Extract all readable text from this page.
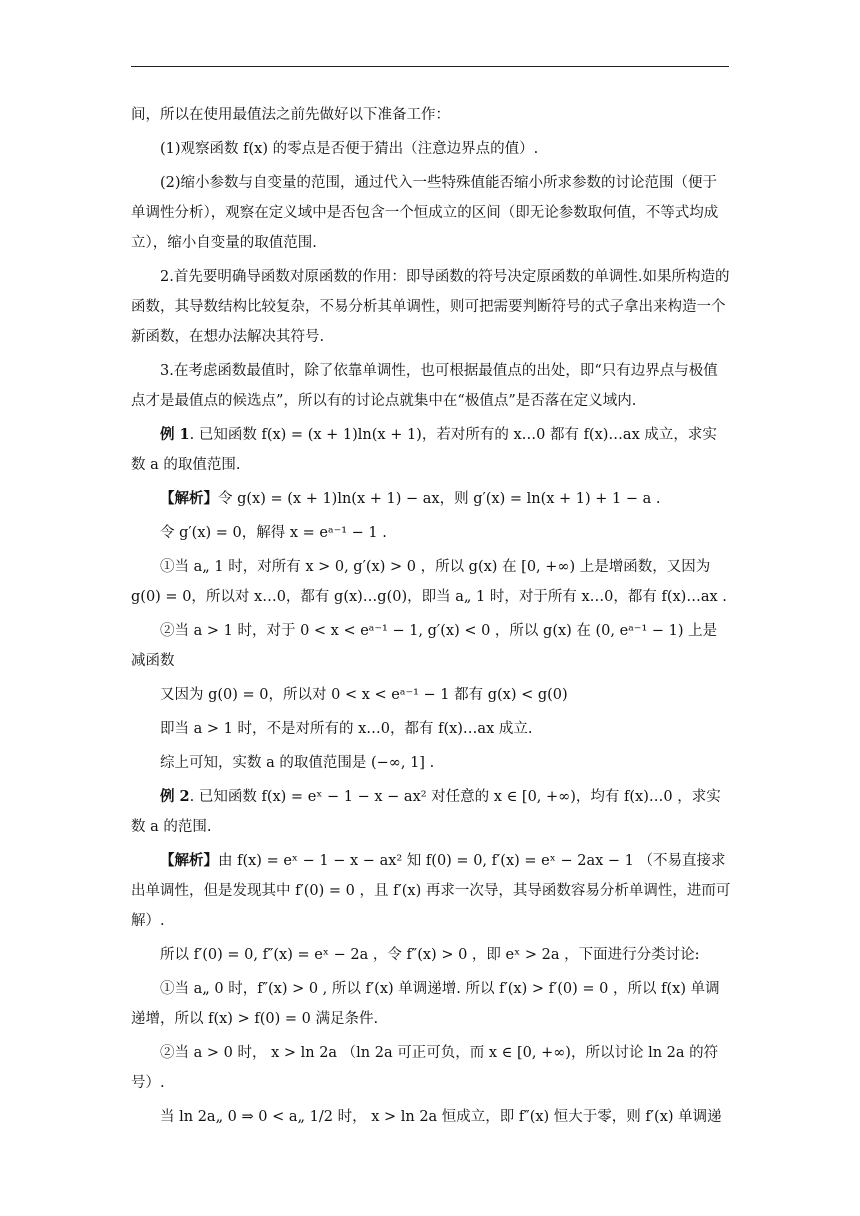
间，所以在使用最值法之前先做好以下准备工作：

(1)观察函数 f(x) 的零点是否便于猜出（注意边界点的值）.

(2)缩小参数与自变量的范围，通过代入一些特殊值能否缩小所求参数的讨论范围（便于单调性分析），观察在定义域中是否包含一个恒成立的区间（即无论参数取何值，不等式均成立），缩小自变量的取值范围.

2.首先要明确导函数对原函数的作用：即导函数的符号决定原函数的单调性.如果所构造的函数，其导数结构比较复杂，不易分析其单调性，则可把需要判断符号的式子拿出来构造一个新函数，在想办法解决其符号.

3.在考虑函数最值时，除了依靠单调性，也可根据最值点的出处，即“只有边界点与极值点才是最值点的候选点”，所以有的讨论点就集中在“极值点”是否落在定义域内.

例 1. 已知函数 f(x) = (x + 1)ln(x + 1)，若对所有的 x…0 都有 f(x)…ax 成立，求实数 a 的取值范围.

【解析】令 g(x) = (x + 1)ln(x + 1) − ax，则 g′(x) = ln(x + 1) + 1 − a .

令 g′(x) = 0，解得 x = eᵃ⁻¹ − 1 .

①当 a„ 1 时，对所有 x > 0, g′(x) > 0 ，所以 g(x) 在 [0, +∞) 上是增函数，又因为 g(0) = 0，所以对 x…0，都有 g(x)…g(0)，即当 a„ 1 时，对于所有 x…0，都有 f(x)…ax .

②当 a > 1 时，对于 0 < x < eᵃ⁻¹ − 1, g′(x) < 0 ，所以 g(x) 在 (0, eᵃ⁻¹ − 1) 上是减函数

又因为 g(0) = 0，所以对 0 < x < eᵃ⁻¹ − 1 都有 g(x) < g(0)

即当 a > 1 时，不是对所有的 x…0，都有 f(x)…ax 成立.

综上可知，实数 a 的取值范围是 (−∞, 1] .

例 2. 已知函数 f(x) = eˣ − 1 − x − ax² 对任意的 x ∈ [0, +∞)，均有 f(x)…0 ，求实数 a 的范围.

【解析】由 f(x) = eˣ − 1 − x − ax² 知 f(0) = 0, f′(x) = eˣ − 2ax − 1 （不易直接求出单调性，但是发现其中 f′(0) = 0 ，且 f′(x) 再求一次导，其导函数容易分析单调性，进而可解）.

所以 f′(0) = 0, f″(x) = eˣ − 2a ，令 f″(x) > 0 ，即 eˣ > 2a ，下面进行分类讨论:

①当 a„ 0 时，f″(x) > 0 , 所以 f′(x) 单调递增. 所以 f′(x) > f′(0) = 0 ，所以 f(x) 单调递增，所以 f(x) > f(0) = 0 满足条件.

②当 a > 0 时， x > ln 2a （ln 2a 可正可负，而 x ∈ [0, +∞)，所以讨论 ln 2a 的符号）.

当 ln 2a„ 0 ⇒ 0 < a„ 1/2 时， x > ln 2a 恒成立，即 f″(x) 恒大于零，则 f′(x) 单调递
